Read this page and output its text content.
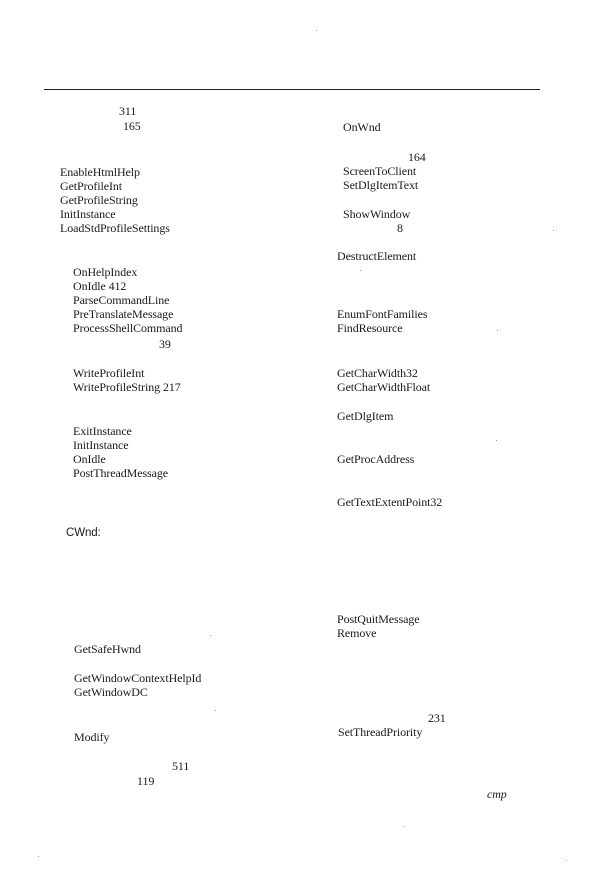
311
165
EnableHtmlHelp
GetProfileInt
GetProfileString
InitInstance
LoadStdProfileSettings
OnHelpIndex
OnIdle 412
ParseCommandLine
PreTranslateMessage
ProcessShellCommand
39
WriteProfileInt
WriteProfileString 217
ExitInstance
InitInstance
OnIdle
PostThreadMessage
CWnd:
GetSafeHwnd
GetWindowContextHelpId
GetWindowDC
Modify
511
119
OnWnd
164
ScreenToClient
SetDlgItemText
ShowWindow
8
DestructElement
EnumFontFamilies
FindResource
GetCharWidth32
GetCharWidthFloat
GetDlgItem
GetProcAddress
GetTextExtentPoint32
PostQuitMessage
Remove
231
SetThreadPriority
cmp
